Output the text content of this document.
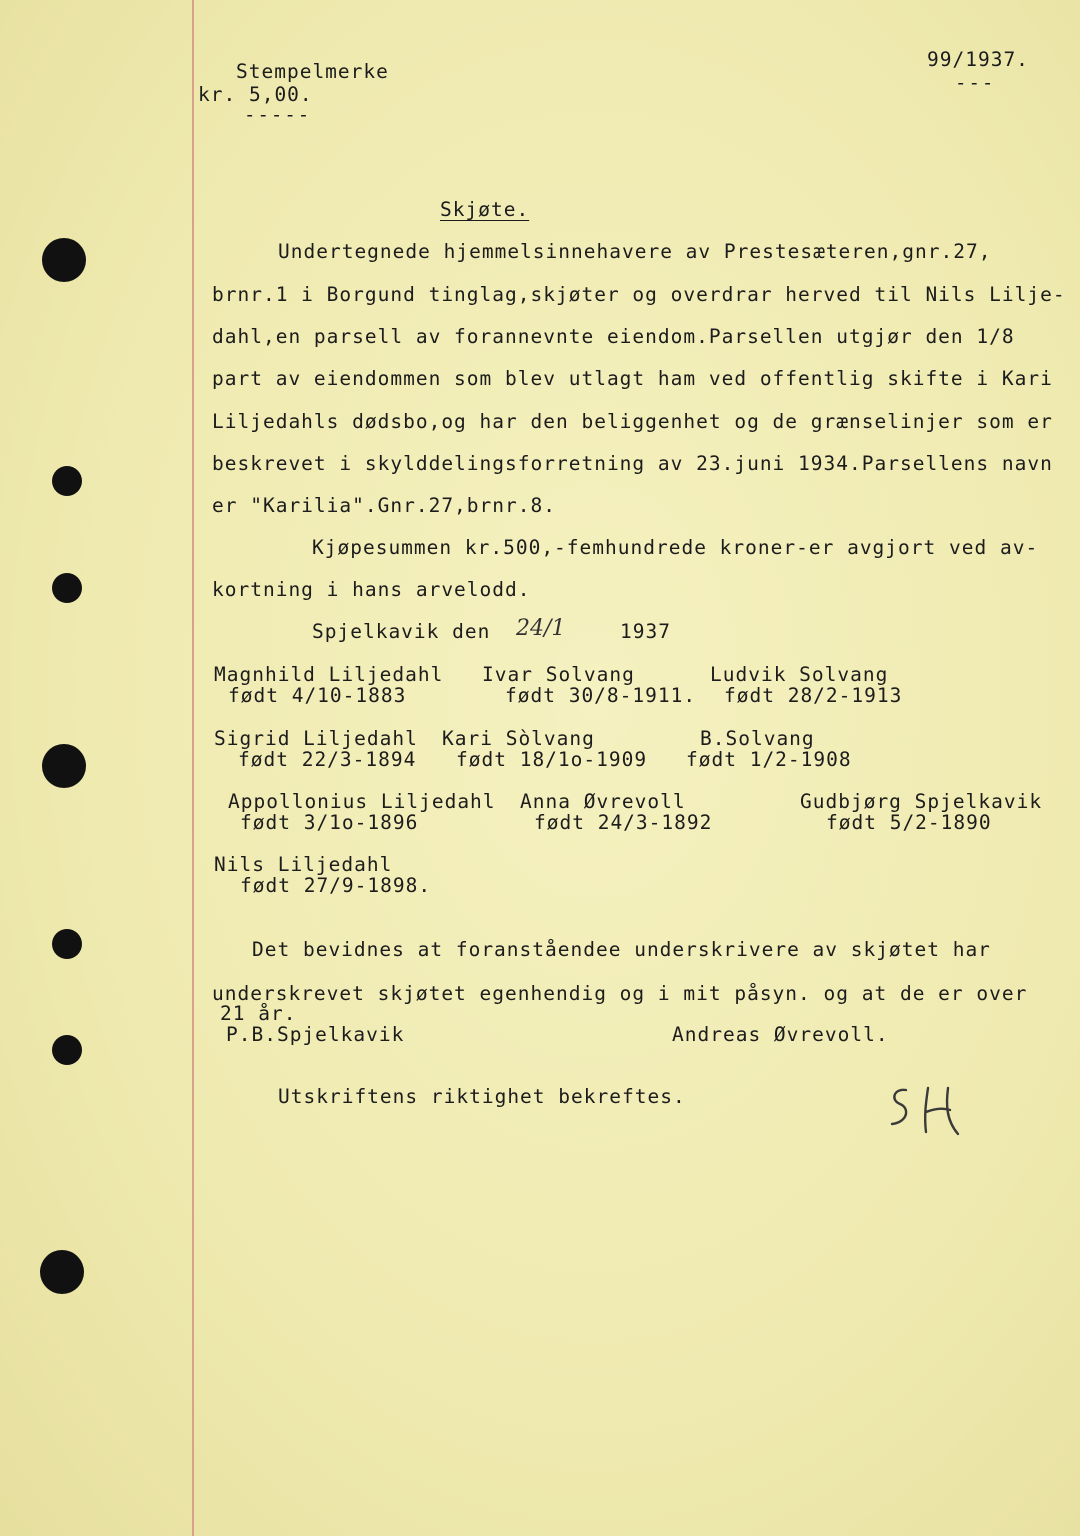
Stempelmerke
kr. 5,00.
-----
99/1937.
---
Skjøte.
Undertegnede hjemmelsinnehavere av Prestesæteren,gnr.27,
brnr.1 i Borgund tinglag,skjøter og overdrar herved til Nils Lilje-
dahl,en parsell av forannevnte eiendom.Parsellen utgjør den 1/8
part av eiendommen som blev utlagt ham ved offentlig skifte i Kari
Liljedahls dødsbo,og har den beliggenhet og de grænselinjer som er
beskrevet i skylddelingsforretning av 23.juni 1934.Parsellens navn
er "Karilia".Gnr.27,brnr.8.
Kjøpesummen kr.500,-femhundrede kroner-er avgjort ved av-
kortning i hans arvelodd.
Spjelkavik den 24/1	1937
Magnhild Liljedahl
født 4/10-1883
Ivar Solvang
født 30/8-1911.
Ludvik Solvang
født 28/2-1913
Sigrid Liljedahl
født 22/3-1894
Kari Sòlvang
født 18/1o-1909
B.Solvang
født 1/2-1908
Appollonius Liljedahl
født 3/1o-1896
Anna Øvrevoll
født 24/3-1892
Gudbjørg Spjelkavik
født 5/2-1890
Nils Liljedahl
født 27/9-1898.
Det bevidnes at foranståendee underskrivere av skjøtet har
underskrevet skjøtet egenhendig og i mit påsyn. og at de er over
21 år.
P.B.Spjelkavik	Andreas Øvrevoll.
Utskriftens riktighet bekreftes.
